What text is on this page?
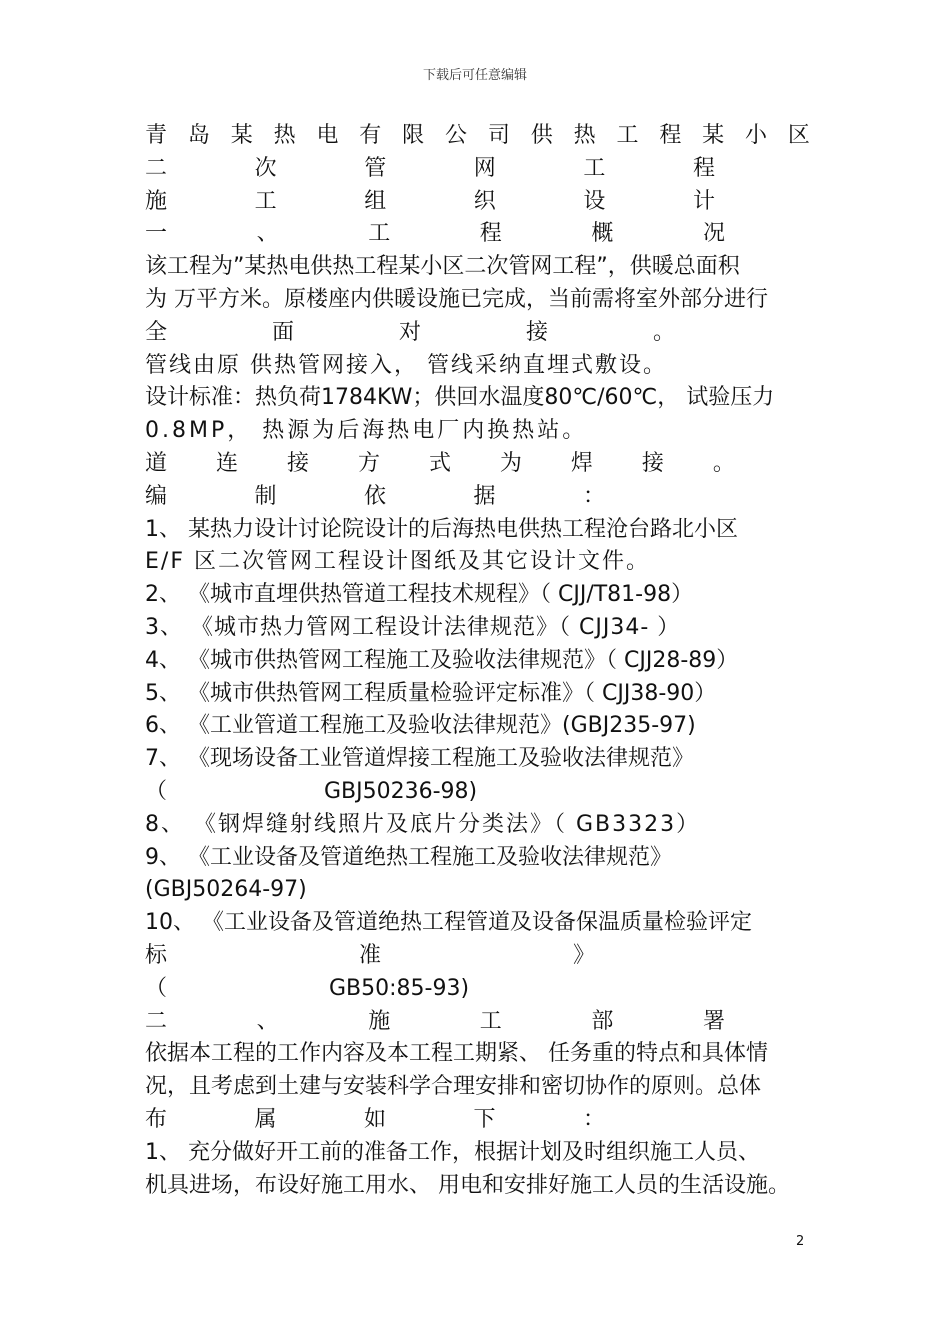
下载后可任意编辑
青 岛 某 热 电 有 限 公 司 供 热 工 程 某 小 区
二	次	管	网	工	程
施	工	组	织	设	计
一	、	工	程	概	况
该工程为”某热电供热工程某小区二次管网工程”，供暖总面积
为 万平方米。原楼座内供暖设施已完成，当前需将室外部分进行
全	面	对	接	。
管线由原 供热管网接入， 管线采纳直埋式敷设。
设计标准：热负荷1784KW；供回水温度80℃/60℃， 试验压力
0.8MP， 热源为后海热电厂内换热站。
道 连 接 方 式 为 焊 接 。
编	制	依	据	：
1、 某热力设计讨论院设计的后海热电供热工程沧台路北小区
E/F 区二次管网工程设计图纸及其它设计文件。
2、 《城市直埋供热管道工程技术规程》（ CJJ/T81-98）
3、 《城市热力管网工程设计法律规范》（ CJJ34- ）
4、 《城市供热管网工程施工及验收法律规范》（ CJJ28-89）
5、 《城市供热管网工程质量检验评定标准》（ CJJ38-90）
6、 《工业管道工程施工及验收法律规范》(GBJ235-97)
7、 《现场设备工业管道焊接工程施工及验收法律规范》
（ GBJ50236-98)
8、 《钢焊缝射线照片及底片分类法》（ GB3323）
9、 《工业设备及管道绝热工程施工及验收法律规范》
(GBJ50264-97)
10、 《工业设备及管道绝热工程管道及设备保温质量检验评定
标	准	》
（ GB50:85-93)
二	、	施	工	部	署
依据本工程的工作内容及本工程工期紧、 任务重的特点和具体情
况，且考虑到土建与安装科学合理安排和密切协作的原则。总体
布	属	如	下	：
1、 充分做好开工前的准备工作，根据计划及时组织施工人员、
机具进场，布设好施工用水、 用电和安排好施工人员的生活设施。
2
